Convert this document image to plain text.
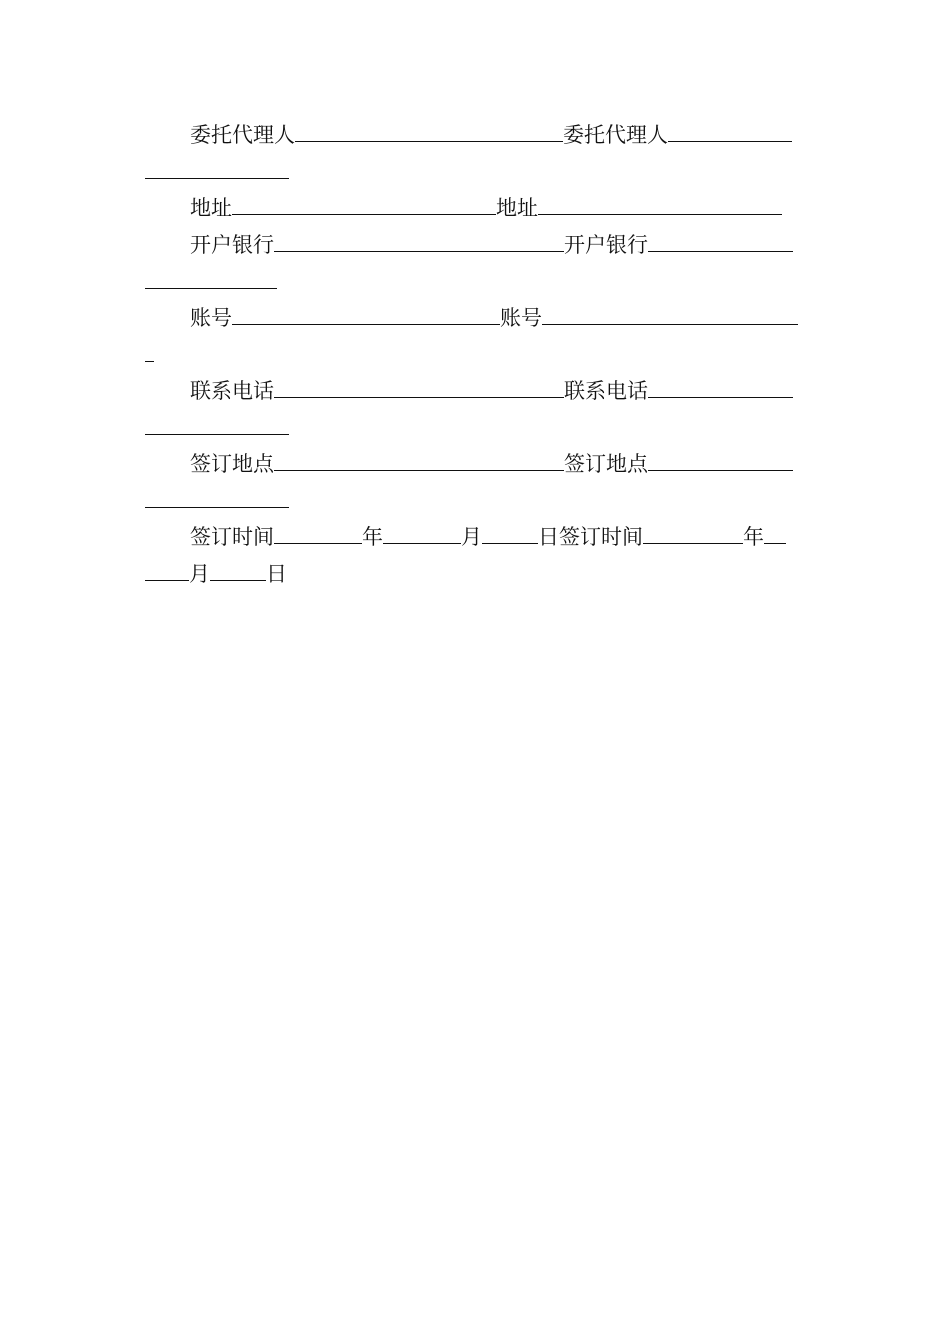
委托代理人	委托代理人
地址	地址
开户银行	开户银行
账号	账号
联系电话	联系电话
签订地点	签订地点
签订时间	年	月	日签订时间	年
月	日
